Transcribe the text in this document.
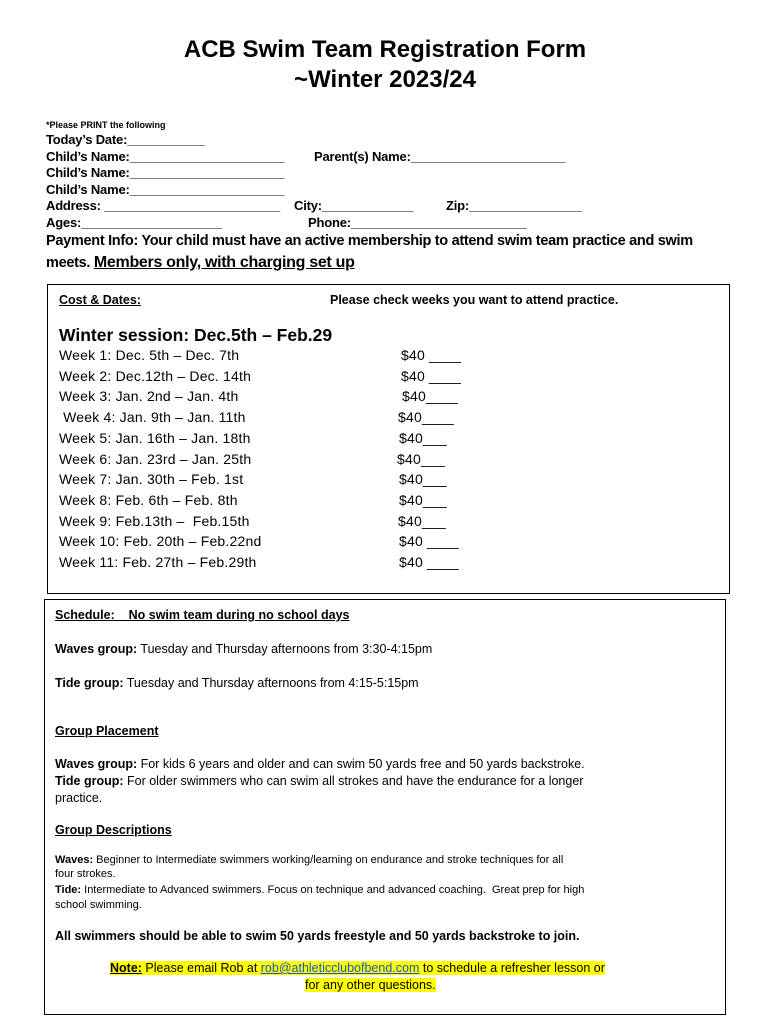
ACB Swim Team Registration Form
~Winter 2023/24
*Please PRINT the following
Today’s Date:___________
Child’s Name:______________________ Parent(s) Name:______________________
Child’s Name:______________________
Child’s Name:______________________
Address: _________________________ City:_____________	Zip:________________
Ages:____________________	Phone:_________________________
Payment Info: Your child must have an active membership to attend swim team practice and swim meets. Members only, with charging set up
Cost & Dates:	Please check weeks you want to attend practice.
Winter session: Dec.5th – Feb.29
Week 1: Dec. 5th – Dec. 7th	$40 ____
Week 2: Dec.12th – Dec. 14th	$40 ____
Week 3: Jan. 2nd – Jan. 4th	$40____
Week 4: Jan. 9th – Jan. 11th	$40____
Week 5: Jan. 16th – Jan. 18th	$40___
Week 6: Jan. 23rd – Jan. 25th	$40___
Week 7: Jan. 30th – Feb. 1st	$40___
Week 8: Feb. 6th – Feb. 8th	$40___
Week 9: Feb.13th –  Feb.15th	$40___
Week 10: Feb. 20th – Feb.22nd	$40 ____
Week 11: Feb. 27th – Feb.29th	$40 ____
Schedule:    No swim team during no school days
Waves group: Tuesday and Thursday afternoons from 3:30-4:15pm
Tide group: Tuesday and Thursday afternoons from 4:15-5:15pm
Group Placement
Waves group: For kids 6 years and older and can swim 50 yards free and 50 yards backstroke.
Tide group: For older swimmers who can swim all strokes and have the endurance for a longer
practice.
Group Descriptions
Waves: Beginner to Intermediate swimmers working/learning on endurance and stroke techniques for all
four strokes.
Tide: Intermediate to Advanced swimmers. Focus on technique and advanced coaching.  Great prep for high
school swimming.
All swimmers should be able to swim 50 yards freestyle and 50 yards backstroke to join.
Note: Please email Rob at rob@athleticclubofbend.com to schedule a refresher lesson or
for any other questions.
